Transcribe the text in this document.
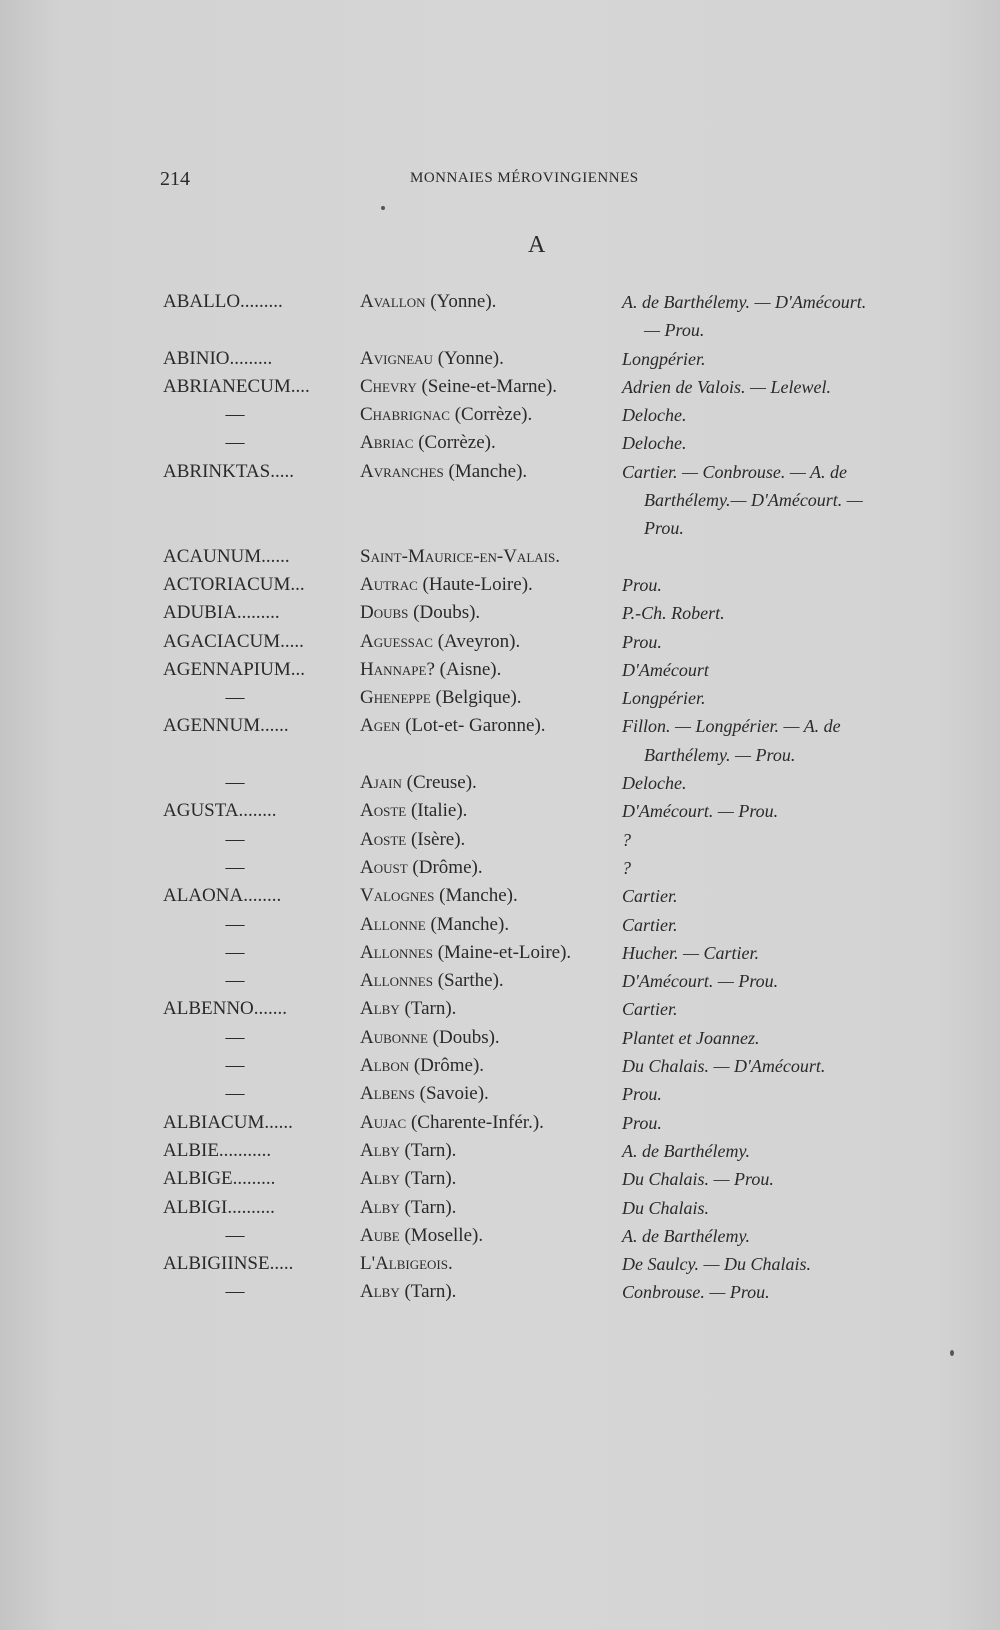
214	MONNAIES MÉROVINGIENNES
A
ABALLO.........	Avallon (Yonne).	A. de Barthélemy. — D'Amécourt.
— Prou.
ABINIO.........	Avigneau (Yonne).	Longpérier.
ABRIANECUM....	Chevry (Seine-et-Marne).	Adrien de Valois. — Lelewel.
—	Chabrignac (Corrèze).	Deloche.
—	Abriac (Corrèze).	Deloche.
ABRINKTAS.....	Avranches (Manche).	Cartier. — Conbrouse. — A. de
Barthélemy.— D'Amécourt. —
Prou.
ACAUNUM......	Saint-Maurice-en-Valais.
ACTORIACUM...	Autrac (Haute-Loire).	Prou.
ADUBIA.........	Doubs (Doubs).	P.-Ch. Robert.
AGACIACUM.....	Aguessac (Aveyron).	Prou.
AGENNAPIUM...	Hannape? (Aisne).	D'Amécourt
—	Gheneppe (Belgique).	Longpérier.
AGENNUM......	Agen (Lot-et- Garonne).	Fillon. — Longpérier. — A. de
Barthélemy. — Prou.
—	Ajain (Creuse).	Deloche.
AGUSTA........	Aoste (Italie).	D'Amécourt. — Prou.
—	Aoste (Isère).	?
—	Aoust (Drôme).	?
ALAONA........	Valognes (Manche).	Cartier.
—	Allonne (Manche).	Cartier.
—	Allonnes (Maine-et-Loire).	Hucher. — Cartier.
—	Allonnes (Sarthe).	D'Amécourt. — Prou.
ALBENNO.......	Alby (Tarn).	Cartier.
—	Aubonne (Doubs).	Plantet et Joannez.
—	Albon (Drôme).	Du Chalais. — D'Amécourt.
—	Albens (Savoie).	Prou.
ALBIACUM......	Aujac (Charente-Infér.).	Prou.
ALBIE...........	Alby (Tarn).	A. de Barthélemy.
ALBIGE.........	Alby (Tarn).	Du Chalais. — Prou.
ALBIGI..........	Alby (Tarn).	Du Chalais.
—	Aube (Moselle).	A. de Barthélemy.
ALBIGIINSE.....	L'Albigeois.	De Saulcy. — Du Chalais.
—	Alby (Tarn).	Conbrouse. — Prou.
